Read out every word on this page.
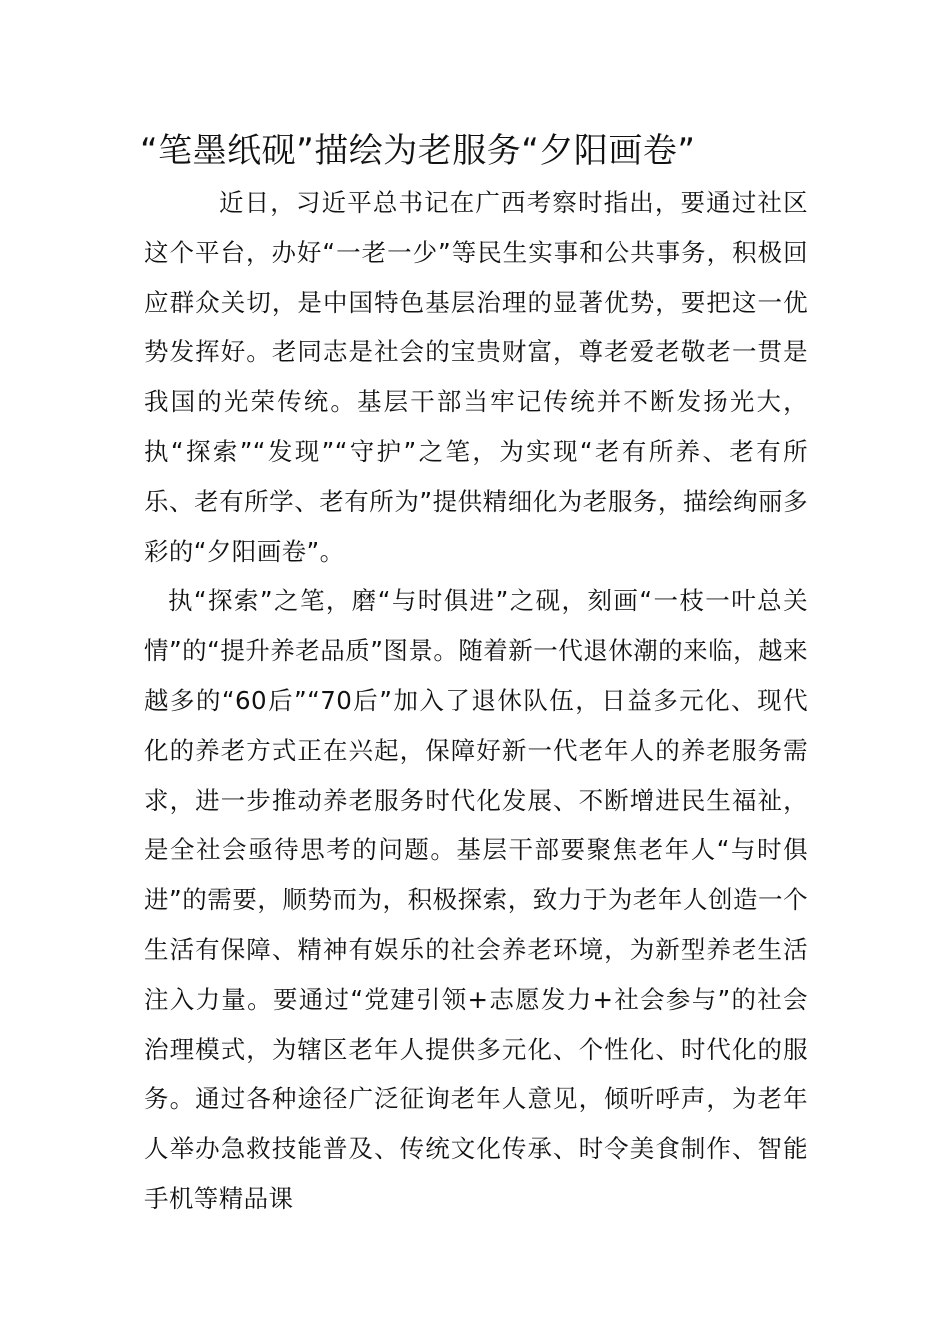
“笔墨纸砚”描绘为老服务“夕阳画卷”

近日，习近平总书记在广西考察时指出，要通过社区这个平台，办好“一老一少”等民生实事和公共事务，积极回应群众关切，是中国特色基层治理的显著优势，要把这一优势发挥好。老同志是社会的宝贵财富，尊老爱老敬老一贯是我国的光荣传统。基层干部当牢记传统并不断发扬光大，执“探索”“发现”“守护”之笔，为实现“老有所养、老有所乐、老有所学、老有所为”提供精细化为老服务，描绘绚丽多彩的“夕阳画卷”。

执“探索”之笔，磨“与时俱进”之砚，刻画“一枝一叶总关情”的“提升养老品质”图景。随着新一代退休潮的来临，越来越多的“60后”“70后”加入了退休队伍，日益多元化、现代化的养老方式正在兴起，保障好新一代老年人的养老服务需求，进一步推动养老服务时代化发展、不断增进民生福祉，是全社会亟待思考的问题。基层干部要聚焦老年人“与时俱进”的需要，顺势而为，积极探索，致力于为老年人创造一个生活有保障、精神有娱乐的社会养老环境，为新型养老生活注入力量。要通过“党建引领+志愿发力+社会参与”的社会治理模式，为辖区老年人提供多元化、个性化、时代化的服务。通过各种途径广泛征询老年人意见，倾听呼声，为老年人举办急救技能普及、传统文化传承、时令美食制作、智能手机等精品课
